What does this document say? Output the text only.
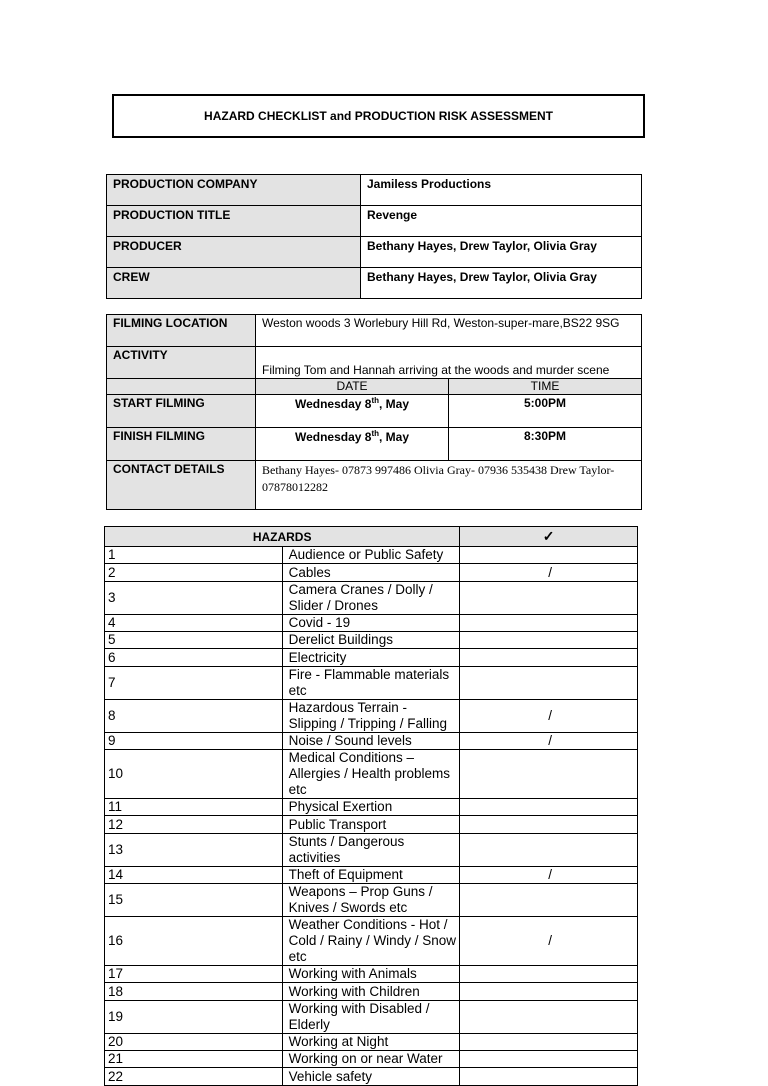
HAZARD CHECKLIST and PRODUCTION RISK ASSESSMENT
PRODUCTION COMPANY	Jamiless Productions
PRODUCTION TITLE	Revenge
PRODUCER	Bethany Hayes, Drew Taylor, Olivia Gray
CREW	Bethany Hayes, Drew Taylor, Olivia Gray
FILMING LOCATION	Weston woods 3 Worlebury Hill Rd, Weston-super-mare,BS22 9SG	
ACTIVITY	Filming Tom and Hannah arriving at the woods and murder scene	
	DATE	TIME
START FILMING	Wednesday 8th, May	5:00PM
FINISH FILMING	Wednesday 8th, May	8:30PM
CONTACT DETAILS	Bethany Hayes- 07873 997486 Olivia Gray- 07936 535438 Drew Taylor- 07878012282	
HAZARDS		✓
1	Audience or Public Safety	
2	Cables	/
3	Camera Cranes / Dolly / Slider / Drones	
4	Covid - 19	
5	Derelict Buildings	
6	Electricity	
7	Fire - Flammable materials etc	
8	Hazardous Terrain - Slipping / Tripping / Falling	/
9	Noise / Sound levels	/
10	Medical Conditions – Allergies / Health problems etc	
11	Physical Exertion	
12	Public Transport	
13	Stunts / Dangerous activities	
14	Theft of Equipment	/
15	Weapons – Prop Guns / Knives / Swords etc	
16	Weather Conditions - Hot / Cold / Rainy / Windy / Snow etc	/
17	Working with Animals	
18	Working with Children	
19	Working with Disabled / Elderly	
20	Working at Night	
21	Working on or near Water	
22	Vehicle safety	
